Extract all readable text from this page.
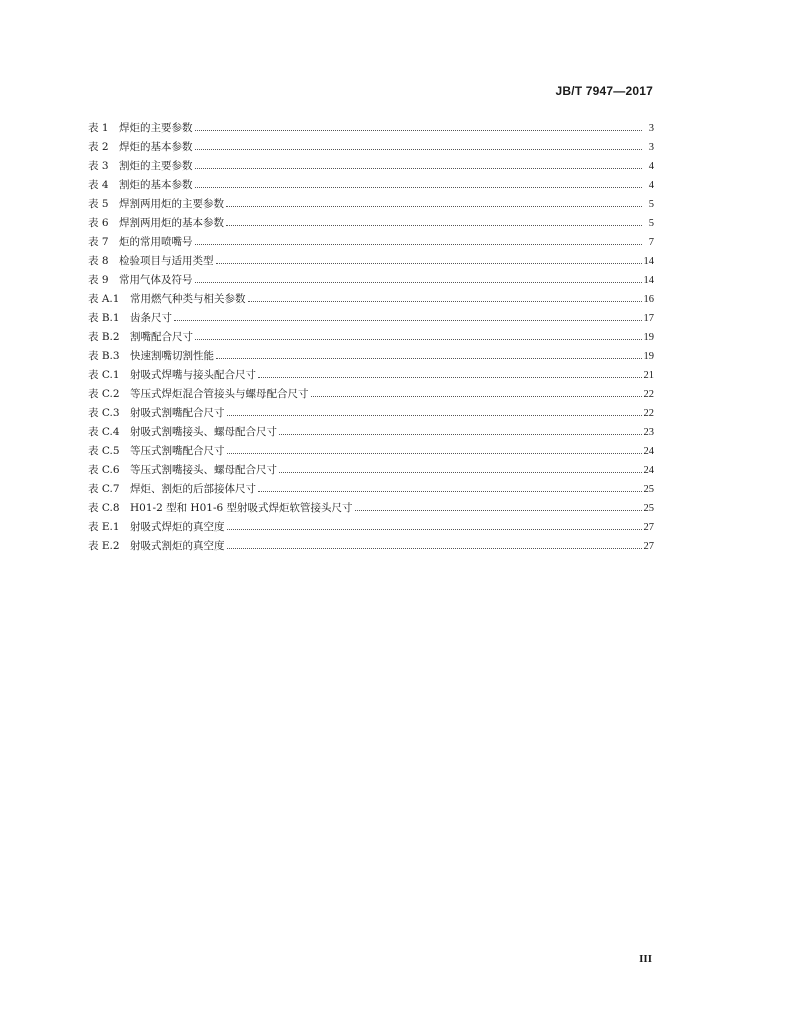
JB/T 7947—2017
表 1 焊炬的主要参数	3
表 2 焊炬的基本参数	3
表 3 割炬的主要参数	4
表 4 割炬的基本参数	4
表 5 焊割两用炬的主要参数	5
表 6 焊割两用炬的基本参数	5
表 7 炬的常用喷嘴号	7
表 8 检验项目与适用类型	14
表 9 常用气体及符号	14
表 A.1	常用燃气种类与相关参数	16
表 B.1 齿条尺寸	17
表 B.2 割嘴配合尺寸	19
表 B.3 快速割嘴切割性能	19
表 C.1 射吸式焊嘴与接头配合尺寸	21
表 C.2 等压式焊炬混合管接头与螺母配合尺寸	22
表 C.3 射吸式割嘴配合尺寸	22
表 C.4 射吸式割嘴接头、螺母配合尺寸	23
表 C.5 等压式割嘴配合尺寸	24
表 C.6 等压式割嘴接头、螺母配合尺寸	24
表 C.7 焊炬、割炬的后部接体尺寸	25
表 C.8 H01-2 型和 H01-6 型射吸式焊炬软管接头尺寸	25
表 E.1 射吸式焊炬的真空度	27
表 E.2 射吸式割炬的真空度	27
III
